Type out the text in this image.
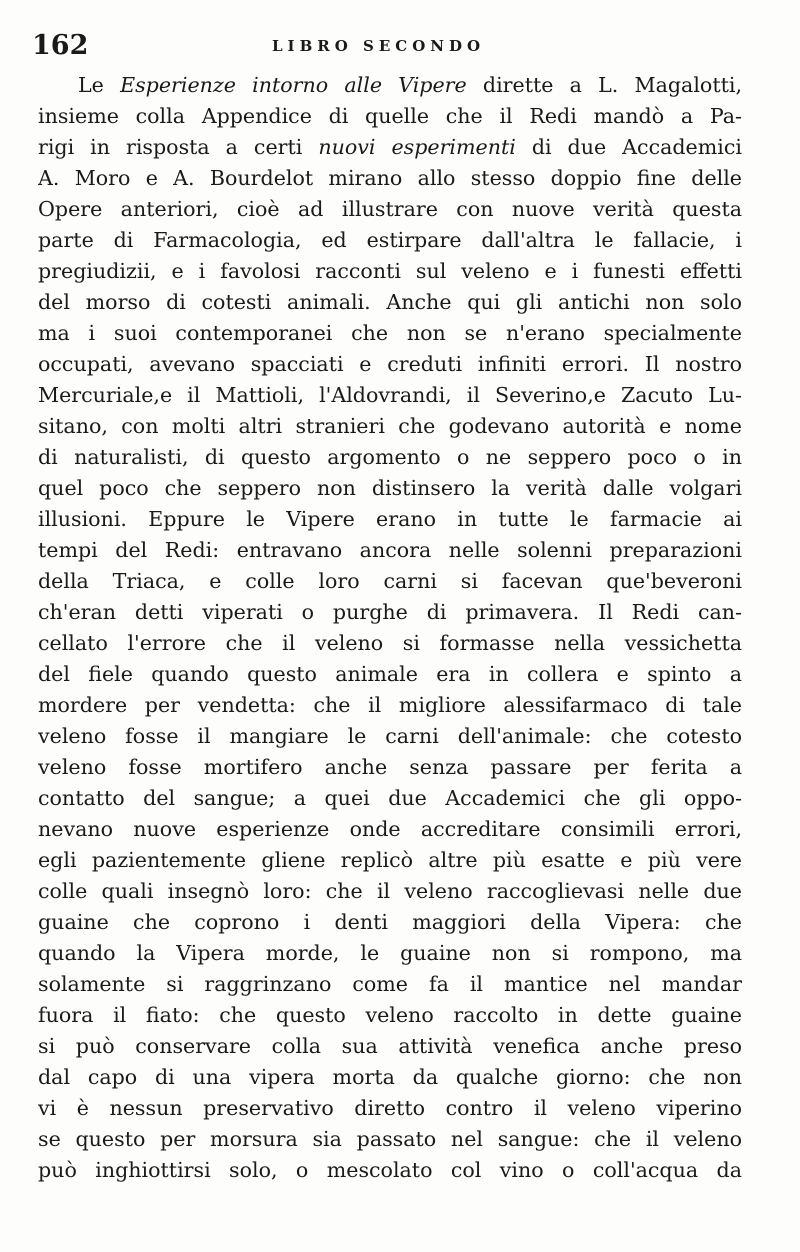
162	LIBRO SECONDO
Le Esperienze intorno alle Vipere dirette a L. Magalotti,
insieme colla Appendice di quelle che il Redi mandò a Pa-
rigi in risposta a certi nuovi esperimenti di due Accademici
A. Moro e A. Bourdelot mirano allo stesso doppio fine delle
Opere anteriori, cioè ad illustrare con nuove verità questa
parte di Farmacologia, ed estirpare dall'altra le fallacie, i
pregiudizii, e i favolosi racconti sul veleno e i funesti effetti
del morso di cotesti animali. Anche qui gli antichi non solo
ma i suoi contemporanei che non se n'erano specialmente
occupati, avevano spacciati e creduti infiniti errori. Il nostro
Mercuriale,e il Mattioli, l'Aldovrandi, il Severino,e Zacuto Lu-
sitano, con molti altri stranieri che godevano autorità e nome
di naturalisti, di questo argomento o ne seppero poco o in
quel poco che seppero non distinsero la verità dalle volgari
illusioni. Eppure le Vipere erano in tutte le farmacie ai
tempi del Redi: entravano ancora nelle solenni preparazioni
della Triaca, e colle loro carni si facevan que'beveroni
ch'eran detti viperati o purghe di primavera. Il Redi can-
cellato l'errore che il veleno si formasse nella vessichetta
del fiele quando questo animale era in collera e spinto a
mordere per vendetta: che il migliore alessifarmaco di tale
veleno fosse il mangiare le carni dell'animale: che cotesto
veleno fosse mortifero anche senza passare per ferita a
contatto del sangue; a quei due Accademici che gli oppo-
nevano nuove esperienze onde accreditare consimili errori,
egli pazientemente gliene replicò altre più esatte e più vere
colle quali insegnò loro: che il veleno raccoglievasi nelle due
guaine che coprono i denti maggiori della Vipera: che
quando la Vipera morde, le guaine non si rompono, ma
solamente si raggrinzano come fa il mantice nel mandar
fuora il fiato: che questo veleno raccolto in dette guaine
si può conservare colla sua attività venefica anche preso
dal capo di una vipera morta da qualche giorno: che non
vi è nessun preservativo diretto contro il veleno viperino
se questo per morsura sia passato nel sangue: che il veleno
può inghiottirsi solo, o mescolato col vino o coll'acqua da
